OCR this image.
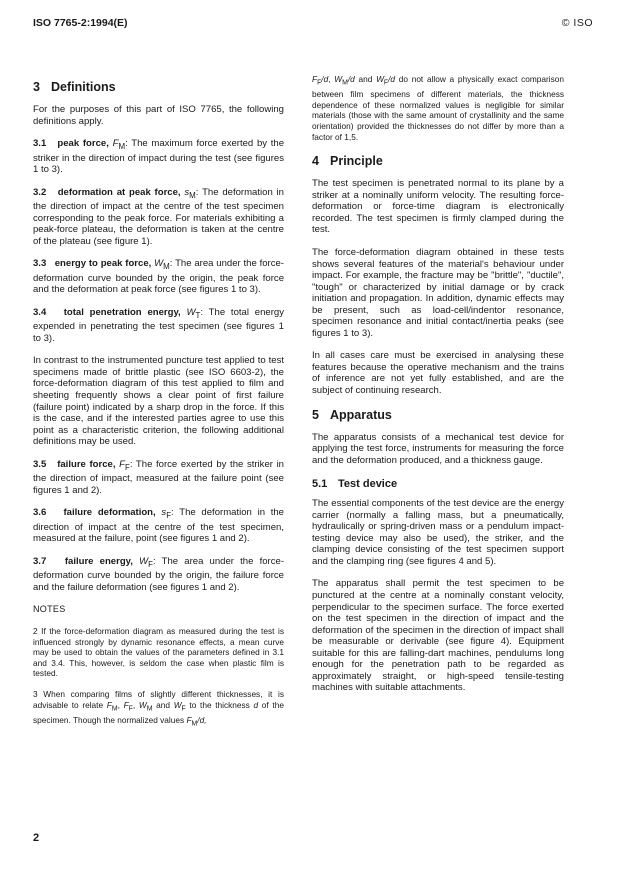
ISO 7765-2:1994(E)	© ISO
3 Definitions

For the purposes of this part of ISO 7765, the following definitions apply.

3.1 peak force, $F_M$: The maximum force exerted by the striker in the direction of impact during the test (see figures 1 to 3).

3.2 deformation at peak force, $s_M$: The deformation in the direction of impact at the centre of the test specimen corresponding to the peak force. For materials exhibiting a peak-force plateau, the deformation is taken at the centre of the plateau (see figure 1).

3.3 energy to peak force, $W_M$: The area under the force-deformation curve bounded by the origin, the peak force and the deformation at peak force (see figures 1 to 3).

3.4 total penetration energy, $W_T$: The total energy expended in penetrating the test specimen (see figures 1 to 3).

In contrast to the instrumented puncture test applied to test specimens made of brittle plastic (see ISO 6603-2), the force-deformation diagram of this test applied to film and sheeting frequently shows a clear point of first failure (failure point) indicated by a sharp drop in the force. If this is the case, and if the interested parties agree to use this point as a characteristic criterion, the following additional definitions may be used.

3.5 failure force, $F_F$: The force exerted by the striker in the direction of impact, measured at the failure point (see figures 1 and 2).

3.6 failure deformation, $s_F$: The deformation in the direction of impact at the centre of the test specimen, measured at the failure, point (see figures 1 and 2).

3.7 failure energy, $W_F$: The area under the force-deformation curve bounded by the origin, the failure force and the failure deformation (see figures 1 and 2).

NOTES
2 If the force-deformation diagram as measured during the test is influenced strongly by dynamic resonance effects, a mean curve may be used to obtain the values of the parameters defined in 3.1 and 3.4. This, however, is seldom the case when plastic film is tested.
3 When comparing films of slightly different thicknesses, it is advisable to relate $F_M$, $F_F$, $W_M$ and $W_F$ to the thickness d of the specimen. Though the normalized values $F_M/d$,
$F_F/d$, $W_M/d$ and $W_F/d$ do not allow a physically exact comparison between film specimens of different materials, the thickness dependence of these normalized values is negligible for similar materials (those with the same amount of crystallinity and the same orientation) provided the thicknesses do not differ by more than a factor of 1,5.
4 Principle

The test specimen is penetrated normal to its plane by a striker at a nominally uniform velocity. The resulting force-deformation or force-time diagram is electronically recorded. The test specimen is firmly clamped during the test.

The force-deformation diagram obtained in these tests shows several features of the material's behaviour under impact. For example, the fracture may be "brittle", "ductile", "tough" or characterized by initial damage or by crack initiation and propagation. In addition, dynamic effects may be present, such as load-cell/indentor resonance, specimen resonance and initial contact/inertia peaks (see figures 1 to 3).

In all cases care must be exercised in analysing these features because the operative mechanism and the trains of inference are not yet fully established, and are the subject of continuing research.

5 Apparatus

The apparatus consists of a mechanical test device for applying the test force, instruments for measuring the force and the deformation produced, and a thickness gauge.

5.1 Test device

The essential components of the test device are the energy carrier (normally a falling mass, but a pneumatically, hydraulically or spring-driven mass or a pendulum impact-testing device may also be used), the striker, and the clamping device consisting of the test specimen support and the clamping ring (see figures 4 and 5).

The apparatus shall permit the test specimen to be punctured at the centre at a nominally constant velocity, perpendicular to the specimen surface. The force exerted on the test specimen in the direction of impact and the deformation of the specimen in the direction of impact shall be measurable or derivable (see figure 4). Equipment suitable for this are falling-dart machines, pendulums long enough for the penetration path to be regarded as approximately straight, or high-speed tensile-testing machines with suitable attachments.

2
